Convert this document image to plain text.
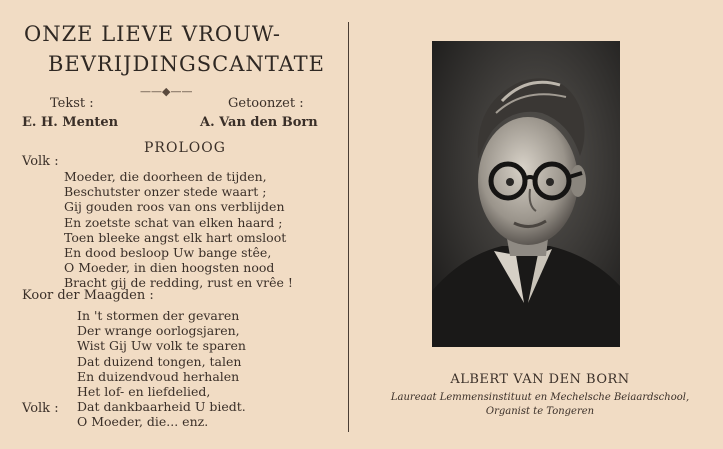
ONZE LIEVE VROUW-
BEVRIJDINGSCANTATE
——◆——
Tekst :
E. H. Menten
Getoonzet :
A. Van den Born
PROLOOG
Volk :
Moeder, die doorheen de tijden,
Beschutster onzer stede waart ;
Gij gouden roos van ons verblijden
En zoetste schat van elken haard ;
Toen bleeke angst elk hart omsloot
En dood besloop Uw bange stêe,
O Moeder, in dien hoogsten nood
Bracht gij de redding, rust en vrêe !
Koor der Maagden :
In 't stormen der gevaren
Der wrange oorlogsjaren,
Wist Gij Uw volk te sparen
Dat duizend tongen, talen
En duizendvoud herhalen
Het lof- en liefdelied,
Dat dankbaarheid U biedt.
Volk :
O Moeder, die... enz.
ALBERT VAN DEN BORN
Laureaat Lemmensinstituut en Mechelsche Beiaardschool,
Organist te Tongeren
